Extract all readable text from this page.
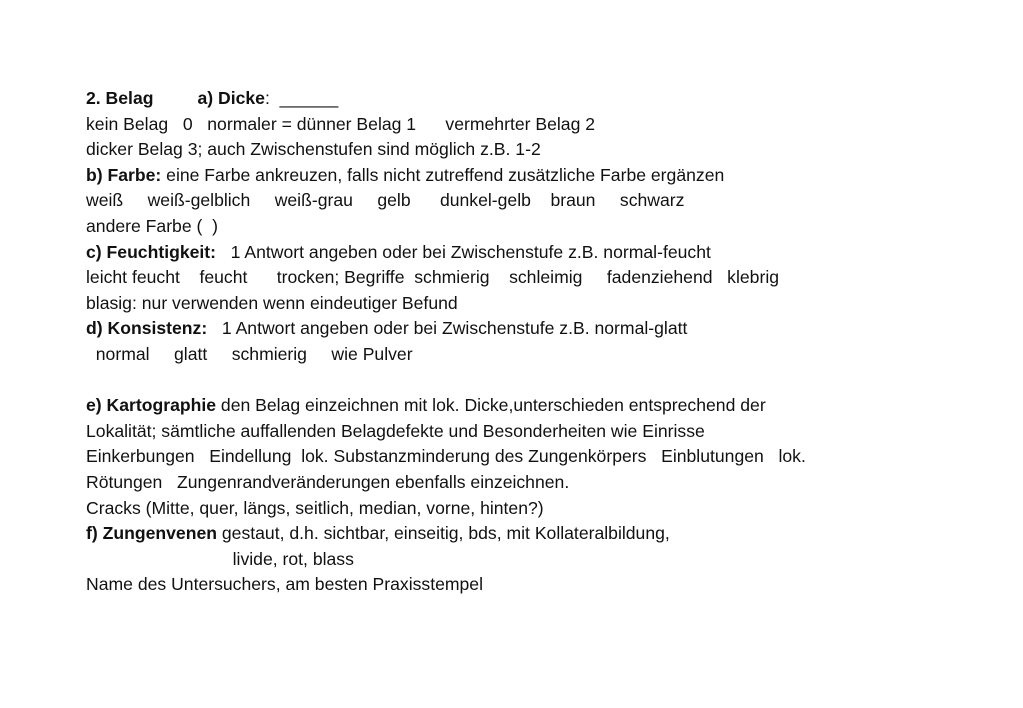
2. Belag	a) Dicke:  ______
kein Belag   0   normaler = dünner Belag 1      vermehrter Belag 2
dicker Belag 3; auch Zwischenstufen sind möglich z.B. 1-2
b) Farbe: eine Farbe ankreuzen, falls nicht zutreffend zusätzliche Farbe ergänzen
weiß     weiß-gelblich     weiß-grau     gelb      dunkel-gelb    braun     schwarz
andere Farbe (  )
c) Feuchtigkeit:   1 Antwort angeben oder bei Zwischenstufe z.B. normal-feucht
leicht feucht    feucht      trocken; Begriffe  schmierig    schleimig     fadenziehend   klebrig
blasig: nur verwenden wenn eindeutiger Befund
d) Konsistenz:   1 Antwort angeben oder bei Zwischenstufe z.B. normal-glatt
normal     glatt     schmierig     wie Pulver
e) Kartographie den Belag einzeichnen mit lok. Dicke,unterschieden entsprechend der
Lokalität; sämtliche auffallenden Belagdefekte und Besonderheiten wie Einrisse
Einkerbungen   Eindellung  lok. Substanzminderung des Zungenkörpers   Einblutungen   lok.
Rötungen   Zungenrandveränderungen ebenfalls einzeichnen.
Cracks (Mitte, quer, längs, seitlich, median, vorne, hinten?)
f) Zungenvenen gestaut, d.h. sichtbar, einseitig, bds, mit Kollateralbildung,
livide, rot, blass
Name des Untersuchers, am besten Praxisstempel
